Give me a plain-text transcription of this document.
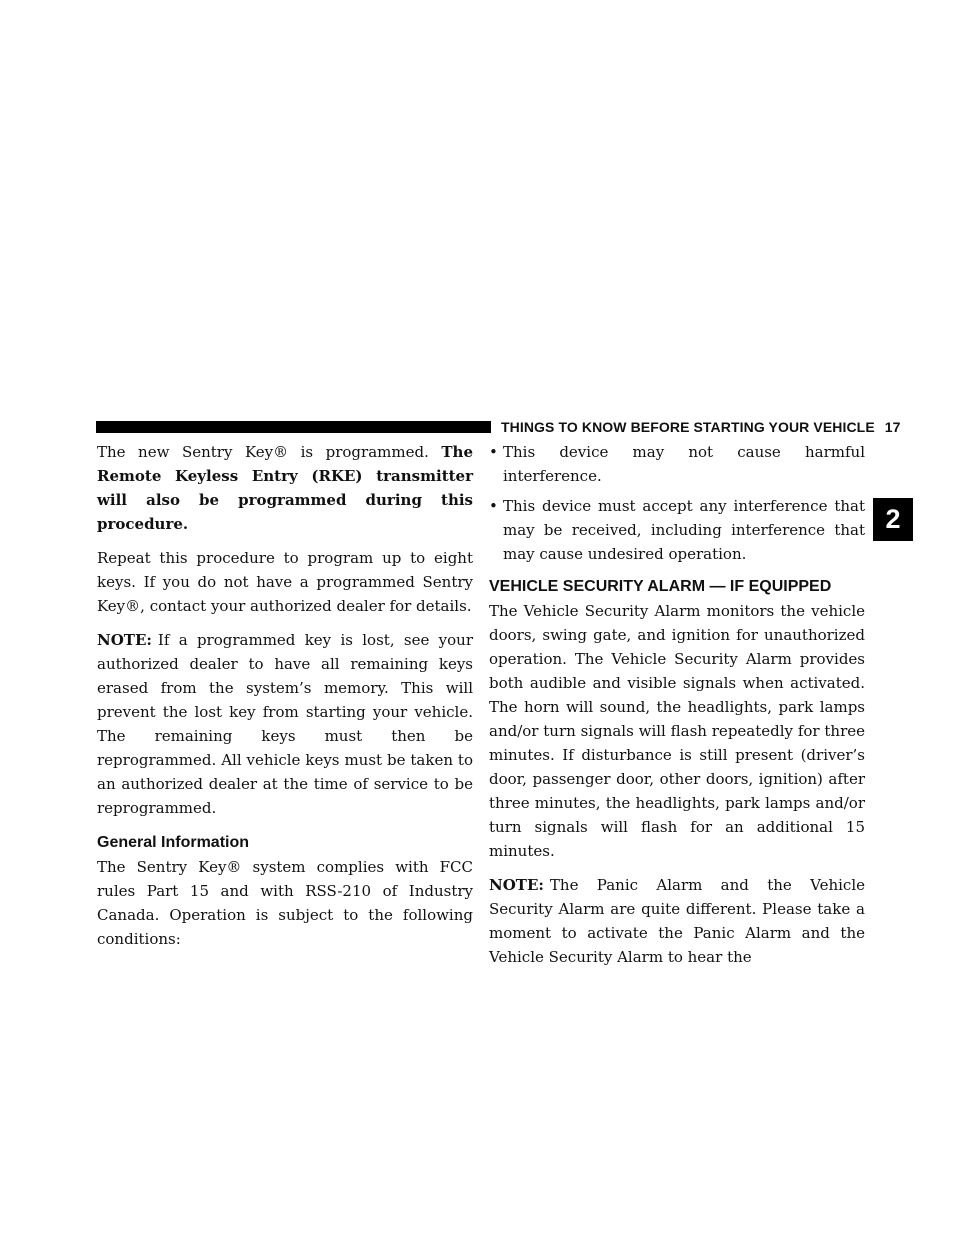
THINGS TO KNOW BEFORE STARTING YOUR VEHICLE 17
2

The new Sentry Key® is programmed. The Remote Keyless Entry (RKE) transmitter will also be programmed during this procedure.

Repeat this procedure to program up to eight keys. If you do not have a programmed Sentry Key®, contact your authorized dealer for details.

NOTE: If a programmed key is lost, see your authorized dealer to have all remaining keys erased from the system’s memory. This will prevent the lost key from starting your vehicle. The remaining keys must then be reprogrammed. All vehicle keys must be taken to an authorized dealer at the time of service to be reprogrammed.

General Information

The Sentry Key® system complies with FCC rules Part 15 and with RSS-210 of Industry Canada. Operation is subject to the following conditions:

• This device may not cause harmful interference.
• This device must accept any interference that may be received, including interference that may cause undesired operation.
VEHICLE SECURITY ALARM — IF EQUIPPED

The Vehicle Security Alarm monitors the vehicle doors, swing gate, and ignition for unauthorized operation. The Vehicle Security Alarm provides both audible and visible signals when activated. The horn will sound, the headlights, park lamps and/or turn signals will flash repeatedly for three minutes. If disturbance is still present (driver’s door, passenger door, other doors, ignition) after three minutes, the headlights, park lamps and/or turn signals will flash for an additional 15 minutes.

NOTE: The Panic Alarm and the Vehicle Security Alarm are quite different. Please take a moment to activate the Panic Alarm and the Vehicle Security Alarm to hear the
